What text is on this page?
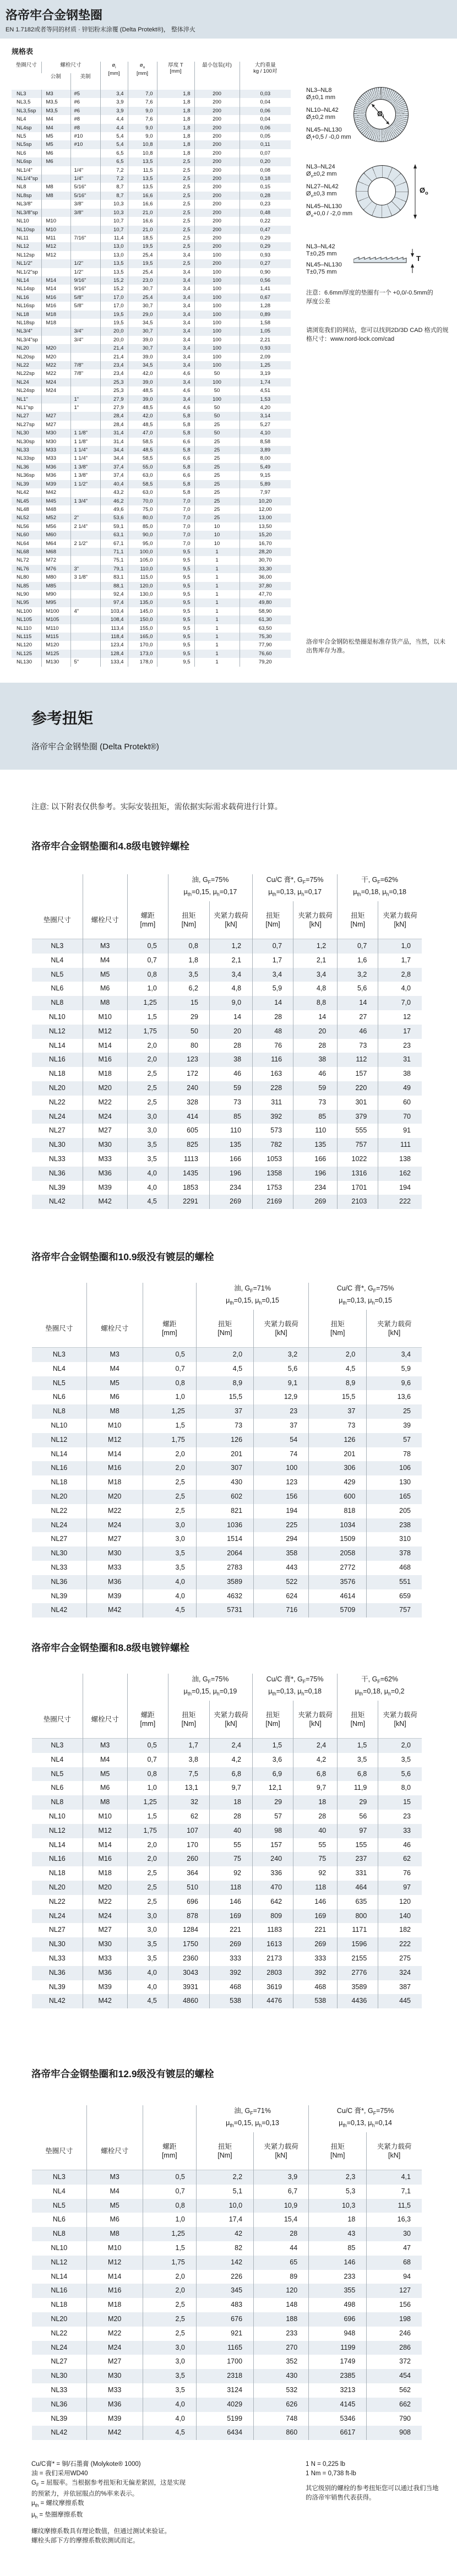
洛帝牢合金钢垫圈
EN 1.7182或者等同的材质 · 锌铝粉末涂覆 (Delta Protekt®)， 整体淬火
规格表
垫圈尺寸	螺栓尺寸	$ø_i$
[mm]

$ø_o$
[mm]

厚度 T
[mm]
	最小包装(对)	大约重量
kg / 100对

	公制	美制					
NL3	M3	#5	3,4	7,0	1,8	200	0,03
NL3,5	M3,5	#6	3,9	7,6	1,8	200	0,04
NL3,5sp	M3,5	#6	3,9	9,0	1,8	200	0,06
NL4	M4	#8	4,4	7,6	1,8	200	0,04
NL4sp	M4	#8	4,4	9,0	1,8	200	0,06
NL5	M5	#10	5,4	9,0	1,8	200	0,05
NL5sp	M5	#10	5,4	10,8	1,8	200	0,11
NL6	M6		6,5	10,8	1,8	200	0,07
NL6sp	M6		6,5	13,5	2,5	200	0,20
NL1/4"		1/4"	7,2	11,5	2,5	200	0,08
NL1/4"sp		1/4"	7,2	13,5	2,5	200	0,18
NL8	M8	5/16"	8,7	13,5	2,5	200	0,15
NL8sp	M8	5/16"	8,7	16,6	2,5	200	0,28
NL3/8"		3/8"	10,3	16,6	2,5	200	0,23
NL3/8"sp		3/8"	10,3	21,0	2,5	200	0,48
NL10	M10		10,7	16,6	2,5	200	0,22
NL10sp	M10		10,7	21,0	2,5	200	0,47
NL11	M11	7/16"	11,4	18,5	2,5	200	0,29
NL12	M12		13,0	19,5	2,5	200	0,29
NL12sp	M12		13,0	25,4	3,4	100	0,93
NL1/2"		1/2"	13,5	19,5	2,5	200	0,27
NL1/2"sp		1/2"	13,5	25,4	3,4	100	0,90
NL14	M14	9/16"	15,2	23,0	3,4	100	0,56
NL14sp	M14	9/16"	15,2	30,7	3,4	100	1,41
NL16	M16	5/8"	17,0	25,4	3,4	100	0,67
NL16sp	M16	5/8"	17,0	30,7	3,4	100	1,28
NL18	M18		19,5	29,0	3,4	100	0,89
NL18sp	M18		19,5	34,5	3,4	100	1,58
NL3/4"		3/4"	20,0	30,7	3,4	100	1,05
NL3/4"sp		3/4"	20,0	39,0	3,4	100	2,21
NL20	M20		21,4	30,7	3,4	100	0,93
NL20sp	M20		21,4	39,0	3,4	100	2,09
NL22	M22	7/8"	23,4	34,5	3,4	100	1,25
NL22sp	M22	7/8"	23,4	42,0	4,6	50	3,19
NL24	M24		25,3	39,0	3,4	100	1,74
NL24sp	M24		25,3	48,5	4,6	50	4,51
NL1"		1"	27,9	39,0	3,4	100	1,53
NL1"sp		1"	27,9	48,5	4,6	50	4,20
NL27	M27		28,4	42,0	5,8	50	3,14
NL27sp	M27		28,4	48,5	5,8	25	5,27
NL30	M30	1 1/8"	31,4	47,0	5,8	50	4,10
NL30sp	M30	1 1/8"	31,4	58,5	6,6	25	8,58
NL33	M33	1 1/4"	34,4	48,5	5,8	25	3,89
NL33sp	M33	1 1/4"	34,4	58,5	6,6	25	8,00
NL36	M36	1 3/8"	37,4	55,0	5,8	25	5,49
NL36sp	M36	1 3/8"	37,4	63,0	6,6	25	9,15
NL39	M39	1 1/2"	40,4	58,5	5,8	25	5,89
NL42	M42		43,2	63,0	5,8	25	7,97
NL45	M45	1 3/4"	46,2	70,0	7,0	25	10,20
NL48	M48		49,6	75,0	7,0	25	12,00
NL52	M52	2"	53,6	80,0	7,0	25	13,00
NL56	M56	2 1/4"	59,1	85,0	7,0	10	13,50
NL60	M60		63,1	90,0	7,0	10	15,20
NL64	M64	2 1/2"	67,1	95,0	7,0	10	16,70
NL68	M68		71,1	100,0	9,5	1	28,20
NL72	M72		75,1	105,0	9,5	1	30,70
NL76	M76	3"	79,1	110,0	9,5	1	33,30
NL80	M80	3 1/8"	83,1	115,0	9,5	1	36,00
NL85	M85		88,1	120,0	9,5	1	37,80
NL90	M90		92,4	130,0	9,5	1	47,70
NL95	M95		97,4	135,0	9,5	1	49,80
NL100	M100	4"	103,4	145,0	9,5	1	58,90
NL105	M105		108,4	150,0	9,5	1	61,30
NL110	M110		113,4	155,0	9,5	1	63,50
NL115	M115		118,4	165,0	9,5	1	75,30
NL120	M120		123,4	170,0	9,5	1	77,90
NL125	M125		128,4	173,0	9,5	1	76,60
NL130	M130	5"	133,4	178,0	9,5	1	79,20
NL3–NL8
$Ø_i\pm 0,1$ mm
NL10–NL42
$Ø_i\pm 0,2$ mm
NL45–NL130
$Ø_i+0,5 / -0,0$ mm
$Ø_i$
NL3–NL24
$Ø_o\pm 0,2$ mm
NL27–NL42
$Ø_o\pm 0,3$ mm
NL45–NL130
$Ø_o+0,0 / -2,0$ mm
$Ø_o$
NL3–NL42
T±0,25 mm
NL45–NL130
T±0,75 mm
T
注意：6.6mm厚度的垫圈有一个 +0,0/-0.5mm的厚度公差
请浏览我们的网站，您可以找到2D/3D CAD 格式的规格尺寸：www.nord-lock.com/cad
洛帝牢合金钢防松垫圈是标准存货产品，当然，以未出售库存为准。
参考扭矩
洛帝牢合金钢垫圈 (Delta Protekt®)
注意: 以下附表仅供参考。实际安装扭矩，需依据实际需求载荷进行计算。
洛帝牢合金钢垫圈和4.8级电镀锌螺栓

油, $G_F=75\%$
$\mu_{th}=0,15$, $\mu_h=0,17$

Cu/C 膏*, $G_F=75\%$
$\mu_{th}=0,13$, $\mu_h=0,17$

干, $G_F=62\%$
$\mu_{th}=0,18$, $\mu_h=0,18$

垫圈尺寸	螺栓尺寸	
螺距
[mm]

扭矩
[Nm]

夹紧力载荷
[kN]

扭矩
[Nm]

夹紧力载荷
[kN]

扭矩
[Nm]

夹紧力载荷
[kN]

NL3	M3	0,5	0,8	1,2	0,7	1,2	0,7	1,0
NL4	M4	0,7	1,8	2,1	1,7	2,1	1,6	1,7
NL5	M5	0,8	3,5	3,4	3,4	3,4	3,2	2,8
NL6	M6	1,0	6,2	4,8	5,9	4,8	5,6	4,0
NL8	M8	1,25	15	9,0	14	8,8	14	7,0
NL10	M10	1,5	29	14	28	14	27	12
NL12	M12	1,75	50	20	48	20	46	17
NL14	M14	2,0	80	28	76	28	73	23
NL16	M16	2,0	123	38	116	38	112	31
NL18	M18	2,5	172	46	163	46	157	38
NL20	M20	2,5	240	59	228	59	220	49
NL22	M22	2,5	328	73	311	73	301	60
NL24	M24	3,0	414	85	392	85	379	70
NL27	M27	3,0	605	110	573	110	555	91
NL30	M30	3,5	825	135	782	135	757	111
NL33	M33	3,5	1113	166	1053	166	1022	138
NL36	M36	4,0	1435	196	1358	196	1316	162
NL39	M39	4,0	1853	234	1753	234	1701	194
NL42	M42	4,5	2291	269	2169	269	2103	222
洛帝牢合金钢垫圈和10.9级没有镀层的螺栓

油, $G_F=71\%$
$\mu_{th}=0,15$, $\mu_h=0,15$

Cu/C 膏*, $G_F=75\%$
$\mu_{th}=0,13$, $\mu_h=0,15$

垫圈尺寸	螺栓尺寸	
螺距
[mm]

扭矩
[Nm]

夹紧力载荷
[kN]

扭矩
[Nm]

夹紧力载荷
[kN]

NL3	M3	0,5	2,0	3,2	2,0	3,4
NL4	M4	0,7	4,5	5,6	4,5	5,9
NL5	M5	0,8	8,9	9,1	8,9	9,6
NL6	M6	1,0	15,5	12,9	15,5	13,6
NL8	M8	1,25	37	23	37	25
NL10	M10	1,5	73	37	73	39
NL12	M12	1,75	126	54	126	57
NL14	M14	2,0	201	74	201	78
NL16	M16	2,0	307	100	306	106
NL18	M18	2,5	430	123	429	130
NL20	M20	2,5	602	156	600	165
NL22	M22	2,5	821	194	818	205
NL24	M24	3,0	1036	225	1034	238
NL27	M27	3,0	1514	294	1509	310
NL30	M30	3,5	2064	358	2058	378
NL33	M33	3,5	2783	443	2772	468
NL36	M36	4,0	3589	522	3576	551
NL39	M39	4,0	4632	624	4614	659
NL42	M42	4,5	5731	716	5709	757
洛帝牢合金钢垫圈和8.8级电镀锌螺栓

油, $G_F=75\%$
$\mu_{th}=0,15$, $\mu_h=0,19$

Cu/C 膏*, $G_F=75\%$
$\mu_{th}=0,13$, $\mu_h=0,18$

干, $G_F=62\%$
$\mu_{th}=0,18$, $\mu_h=0,2$

垫圈尺寸	螺栓尺寸	
螺距
[mm]

扭矩
[Nm]

夹紧力载荷
[kN]

扭矩
[Nm]

夹紧力载荷
[kN]

扭矩
[Nm]

夹紧力载荷
[kN]

NL3	M3	0,5	1,7	2,4	1,5	2,4	1,5	2,0
NL4	M4	0,7	3,8	4,2	3,6	4,2	3,5	3,5
NL5	M5	0,8	7,5	6,8	6,9	6,8	6,8	5,6
NL6	M6	1,0	13,1	9,7	12,1	9,7	11,9	8,0
NL8	M8	1,25	32	18	29	18	29	15
NL10	M10	1,5	62	28	57	28	56	23
NL12	M12	1,75	107	40	98	40	97	33
NL14	M14	2,0	170	55	157	55	155	46
NL16	M16	2,0	260	75	240	75	237	62
NL18	M18	2,5	364	92	336	92	331	76
NL20	M20	2,5	510	118	470	118	464	97
NL22	M22	2,5	696	146	642	146	635	120
NL24	M24	3,0	878	169	809	169	800	140
NL27	M27	3,0	1284	221	1183	221	1171	182
NL30	M30	3,5	1750	269	1613	269	1596	222
NL33	M33	3,5	2360	333	2173	333	2155	275
NL36	M36	4,0	3043	392	2803	392	2776	324
NL39	M39	4,0	3931	468	3619	468	3589	387
NL42	M42	4,5	4860	538	4476	538	4436	445
洛帝牢合金钢垫圈和12.9级没有镀层的螺栓

油, $G_F=71\%$
$\mu_{th}=0,15$, $\mu_h=0,13$

Cu/C 膏*, $G_F=75\%$
$\mu_{th}=0,13$, $\mu_h=0,14$

垫圈尺寸	螺栓尺寸	
螺距
[mm]

扭矩
[Nm]

夹紧力载荷
[kN]

扭矩
[Nm]

夹紧力载荷
[kN]

NL3	M3	0,5	2,2	3,9	2,3	4,1
NL4	M4	0,7	5,1	6,7	5,3	7,1
NL5	M5	0,8	10,0	10,9	10,3	11,5
NL6	M6	1,0	17,4	15,4	18	16,3
NL8	M8	1,25	42	28	43	30
NL10	M10	1,5	82	44	85	47
NL12	M12	1,75	142	65	146	68
NL14	M14	2,0	226	89	233	94
NL16	M16	2,0	345	120	355	127
NL18	M18	2,5	483	148	498	156
NL20	M20	2,5	676	188	696	198
NL22	M22	2,5	921	233	948	246
NL24	M24	3,0	1165	270	1199	286
NL27	M27	3,0	1700	352	1749	372
NL30	M30	3,5	2318	430	2385	454
NL33	M33	3,5	3124	532	3213	562
NL36	M36	4,0	4029	626	4145	662
NL39	M39	4,0	5199	748	5346	790
NL42	M42	4,5	6434	860	6617	908
Cu/C膏* = 铜/石墨膏 (Molykote® 1000)
油 = 我们采用WD40
$G_F$ = 屈服率。当根据参考扭矩和无偏差紧固，这是实现
的预紧力，并依屈服点的%率来表示。
$\mu_{th}$ = 螺纹摩擦系数
$\mu_h$ = 垫圈摩擦系数
螺纹摩擦系数具有理论数值，但通过测试来验证。
螺栓头部下方的摩擦系数依测试而定。
1 N = 0,225 lb
1 Nm = 0,738 ft-lb
其它级别的螺栓的参考扭矩您可以通过我们当地
的洛帝牢销售代表获得。
